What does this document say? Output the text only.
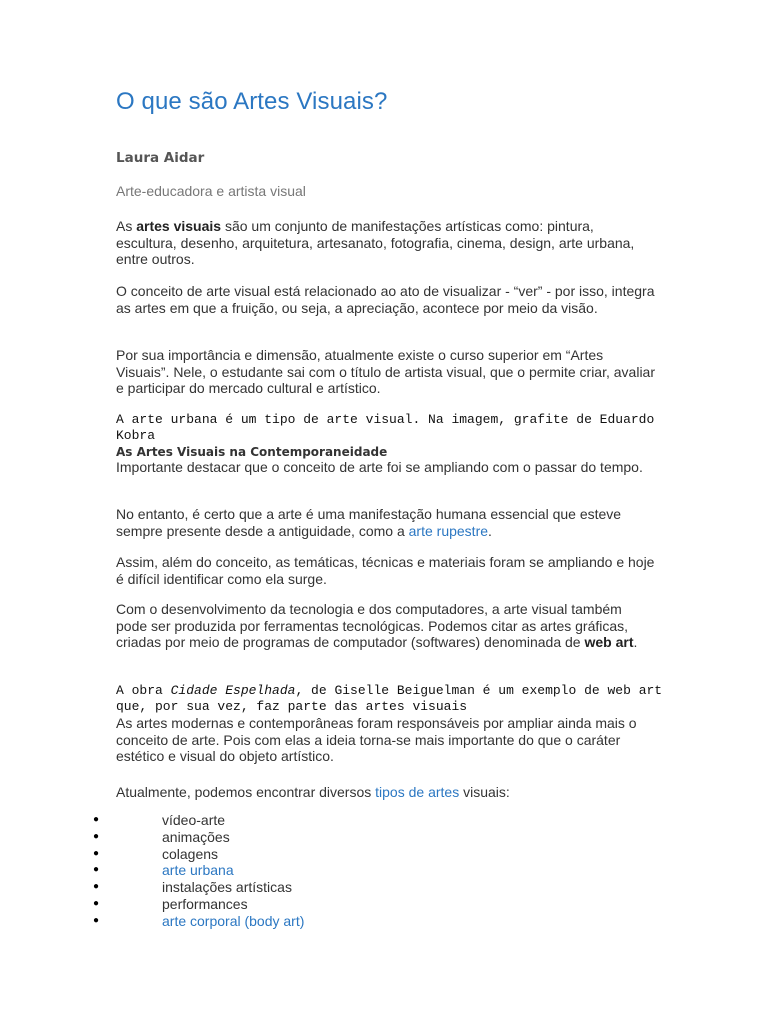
O que são Artes Visuais?
Laura Aidar
Arte-educadora e artista visual

As artes visuais são um conjunto de manifestações artísticas como: pintura, escultura, desenho, arquitetura, artesanato, fotografia, cinema, design, arte urbana, entre outros.

O conceito de arte visual está relacionado ao ato de visualizar - “ver” - por isso, integra as artes em que a fruição, ou seja, a apreciação, acontece por meio da visão.

Por sua importância e dimensão, atualmente existe o curso superior em “Artes Visuais”. Nele, o estudante sai com o título de artista visual, que o permite criar, avaliar e participar do mercado cultural e artístico.

A arte urbana é um tipo de arte visual. Na imagem, grafite de Eduardo Kobra

As Artes Visuais na Contemporaneidade

Importante destacar que o conceito de arte foi se ampliando com o passar do tempo.

No entanto, é certo que a arte é uma manifestação humana essencial que esteve sempre presente desde a antiguidade, como a arte rupestre.

Assim, além do conceito, as temáticas, técnicas e materiais foram se ampliando e hoje é difícil identificar como ela surge.

Com o desenvolvimento da tecnologia e dos computadores, a arte visual também pode ser produzida por ferramentas tecnológicas. Podemos citar as artes gráficas, criadas por meio de programas de computador (softwares) denominada de web art.

A obra Cidade Espelhada, de Giselle Beiguelman é um exemplo de web art que, por sua vez, faz parte das artes visuais

As artes modernas e contemporâneas foram responsáveis por ampliar ainda mais o conceito de arte. Pois com elas a ideia torna-se mais importante do que o caráter estético e visual do objeto artístico.

Atualmente, podemos encontrar diversos tipos de artes visuais:

●	vídeo-arte
●	animações
●	colagens
●	arte urbana
●	instalações artísticas
●	performances
●	arte corporal (body art)
